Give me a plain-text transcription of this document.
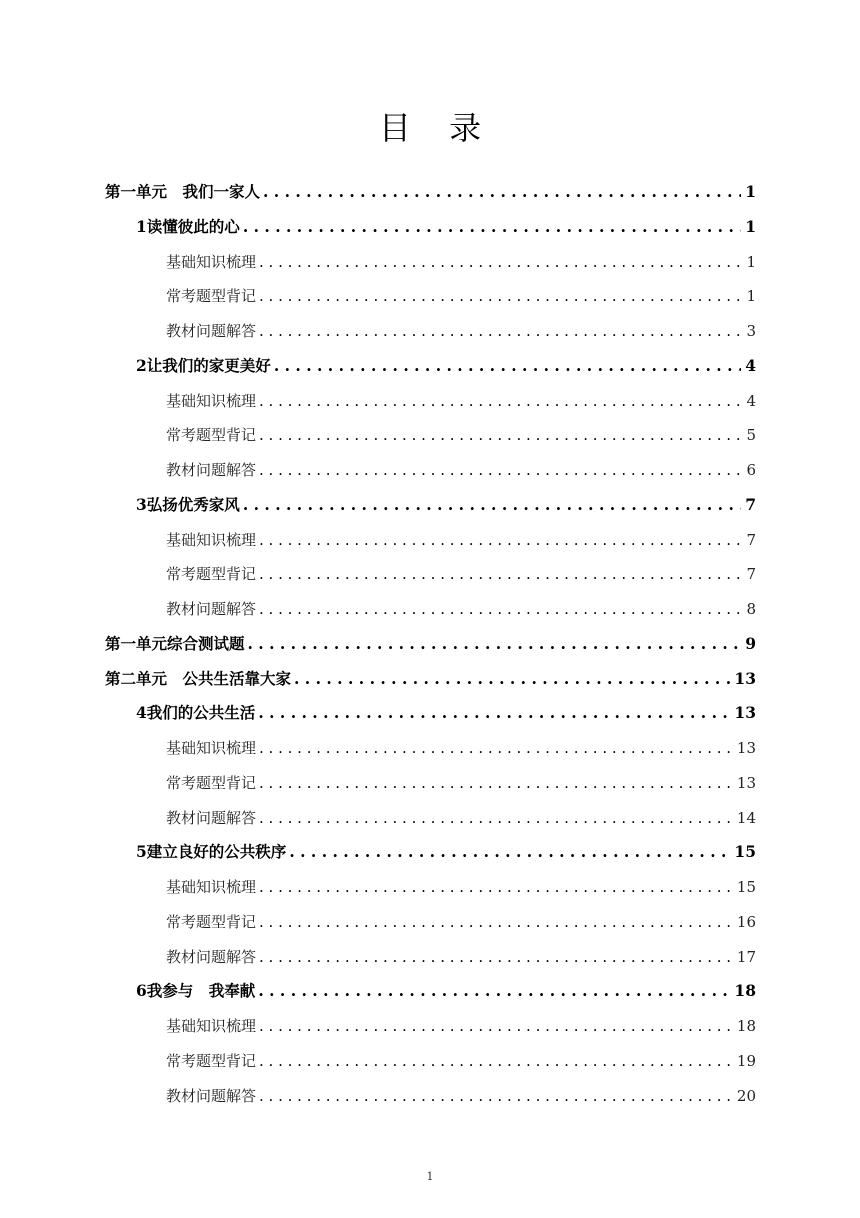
目 录
第一单元　我们一家人 . . .	1
1 读懂彼此的心 . . .	1
基础知识梳理 . . .	1
常考题型背记 . . .	1
教材问题解答 . . .	3
2 让我们的家更美好 . . .	4
基础知识梳理 . . .	4
常考题型背记 . . .	5
教材问题解答 . . .	6
3 弘扬优秀家风 . . .	7
基础知识梳理 . . .	7
常考题型背记 . . .	7
教材问题解答 . . .	8
第一单元综合测试题 . . .	9
第二单元　公共生活靠大家 . . .	13
4 我们的公共生活 . . .	13
基础知识梳理 . . .	13
常考题型背记 . . .	13
教材问题解答 . . .	14
5 建立良好的公共秩序 . . .	15
基础知识梳理 . . .	15
常考题型背记 . . .	16
教材问题解答 . . .	17
6 我参与　我奉献 . . .	18
基础知识梳理 . . .	18
常考题型背记 . . .	19
教材问题解答 . . .	20
1
